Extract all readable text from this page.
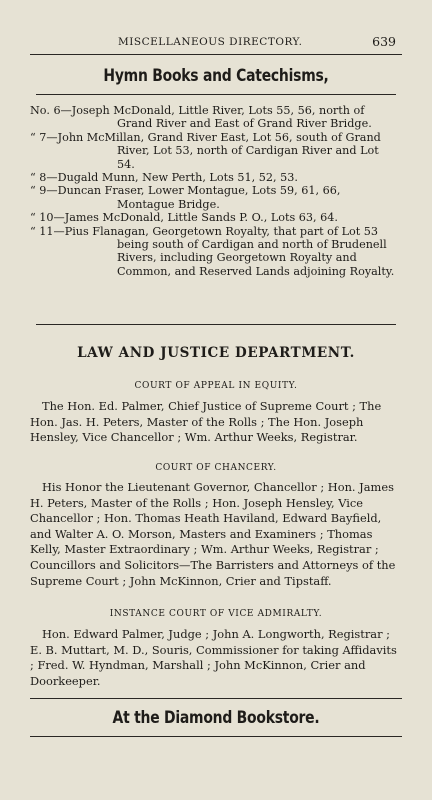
MISCELLANEOUS DIRECTORY.	639
Hymn Books and Catechisms,
No. 6—Joseph McDonald, Little River, Lots 55, 56, north of Grand River and East of Grand River Bridge.
“ 7—John McMillan, Grand River East, Lot 56, south of Grand River, Lot 53, north of Cardigan River and Lot 54.
“ 8—Dugald Munn, New Perth, Lots 51, 52, 53.
“ 9—Duncan Fraser, Lower Montague, Lots 59, 61, 66, Montague Bridge.
“ 10—James McDonald, Little Sands P. O., Lots 63, 64.
“ 11—Pius Flanagan, Georgetown Royalty, that part of Lot 53 being south of Cardigan and north of Brudenell Rivers, including Georgetown Royalty and Common, and Reserved Lands adjoining Royalty.
LAW AND JUSTICE DEPARTMENT.
COURT OF APPEAL IN EQUITY.
The Hon. Ed. Palmer, Chief Justice of Supreme Court ; The Hon. Jas. H. Peters, Master of the Rolls ; The Hon. Joseph Hensley, Vice Chancellor ; Wm. Arthur Weeks, Registrar.
COURT OF CHANCERY.
His Honor the Lieutenant Governor, Chancellor ; Hon. James H. Peters, Master of the Rolls ; Hon. Joseph Hensley, Vice Chancellor ; Hon. Thomas Heath Haviland, Edward Bayfield, and Walter A. O. Morson, Masters and Examiners ; Thomas Kelly, Master Extraordinary ; Wm. Arthur Weeks, Registrar ; Councillors and Solicitors—The Barristers and Attorneys of the Supreme Court ; John McKinnon, Crier and Tipstaff.
INSTANCE COURT OF VICE ADMIRALTY.
Hon. Edward Palmer, Judge ; John A. Longworth, Registrar ; E. B. Muttart, M. D., Souris, Commissioner for taking Affidavits ; Fred. W. Hyndman, Marshall ; John McKinnon, Crier and Doorkeeper.
At the Diamond Bookstore.
